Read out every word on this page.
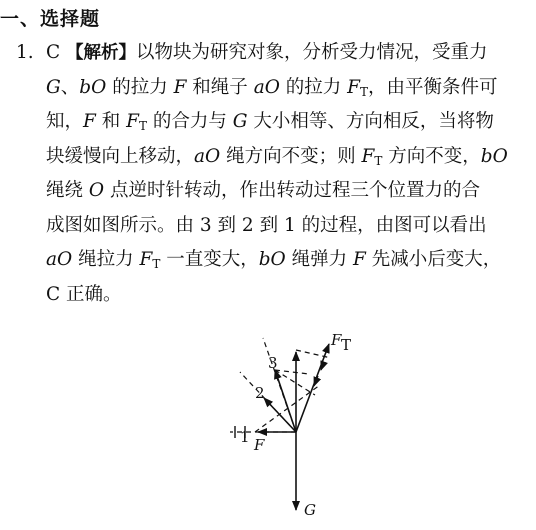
一、选择题
1. C 【解析】以物块为研究对象，分析受力情况，受重力
G、bO 的拉力 F 和绳子 aO 的拉力 $F_T$，由平衡条件可
知，F 和 $F_T$ 的合力与 G 大小相等、方向相反，当将物
块缓慢向上移动，aO 绳方向不变；则 $F_T$ 方向不变，bO
绳绕 O 点逆时针转动，作出转动过程三个位置力的合
成图如图所示。由 3 到 2 到 1 的过程，由图可以看出
aO 绳拉力 $F_T$ 一直变大，bO 绳弹力 F 先减小后变大，
C 正确。
F T
F
G
3
2
1
